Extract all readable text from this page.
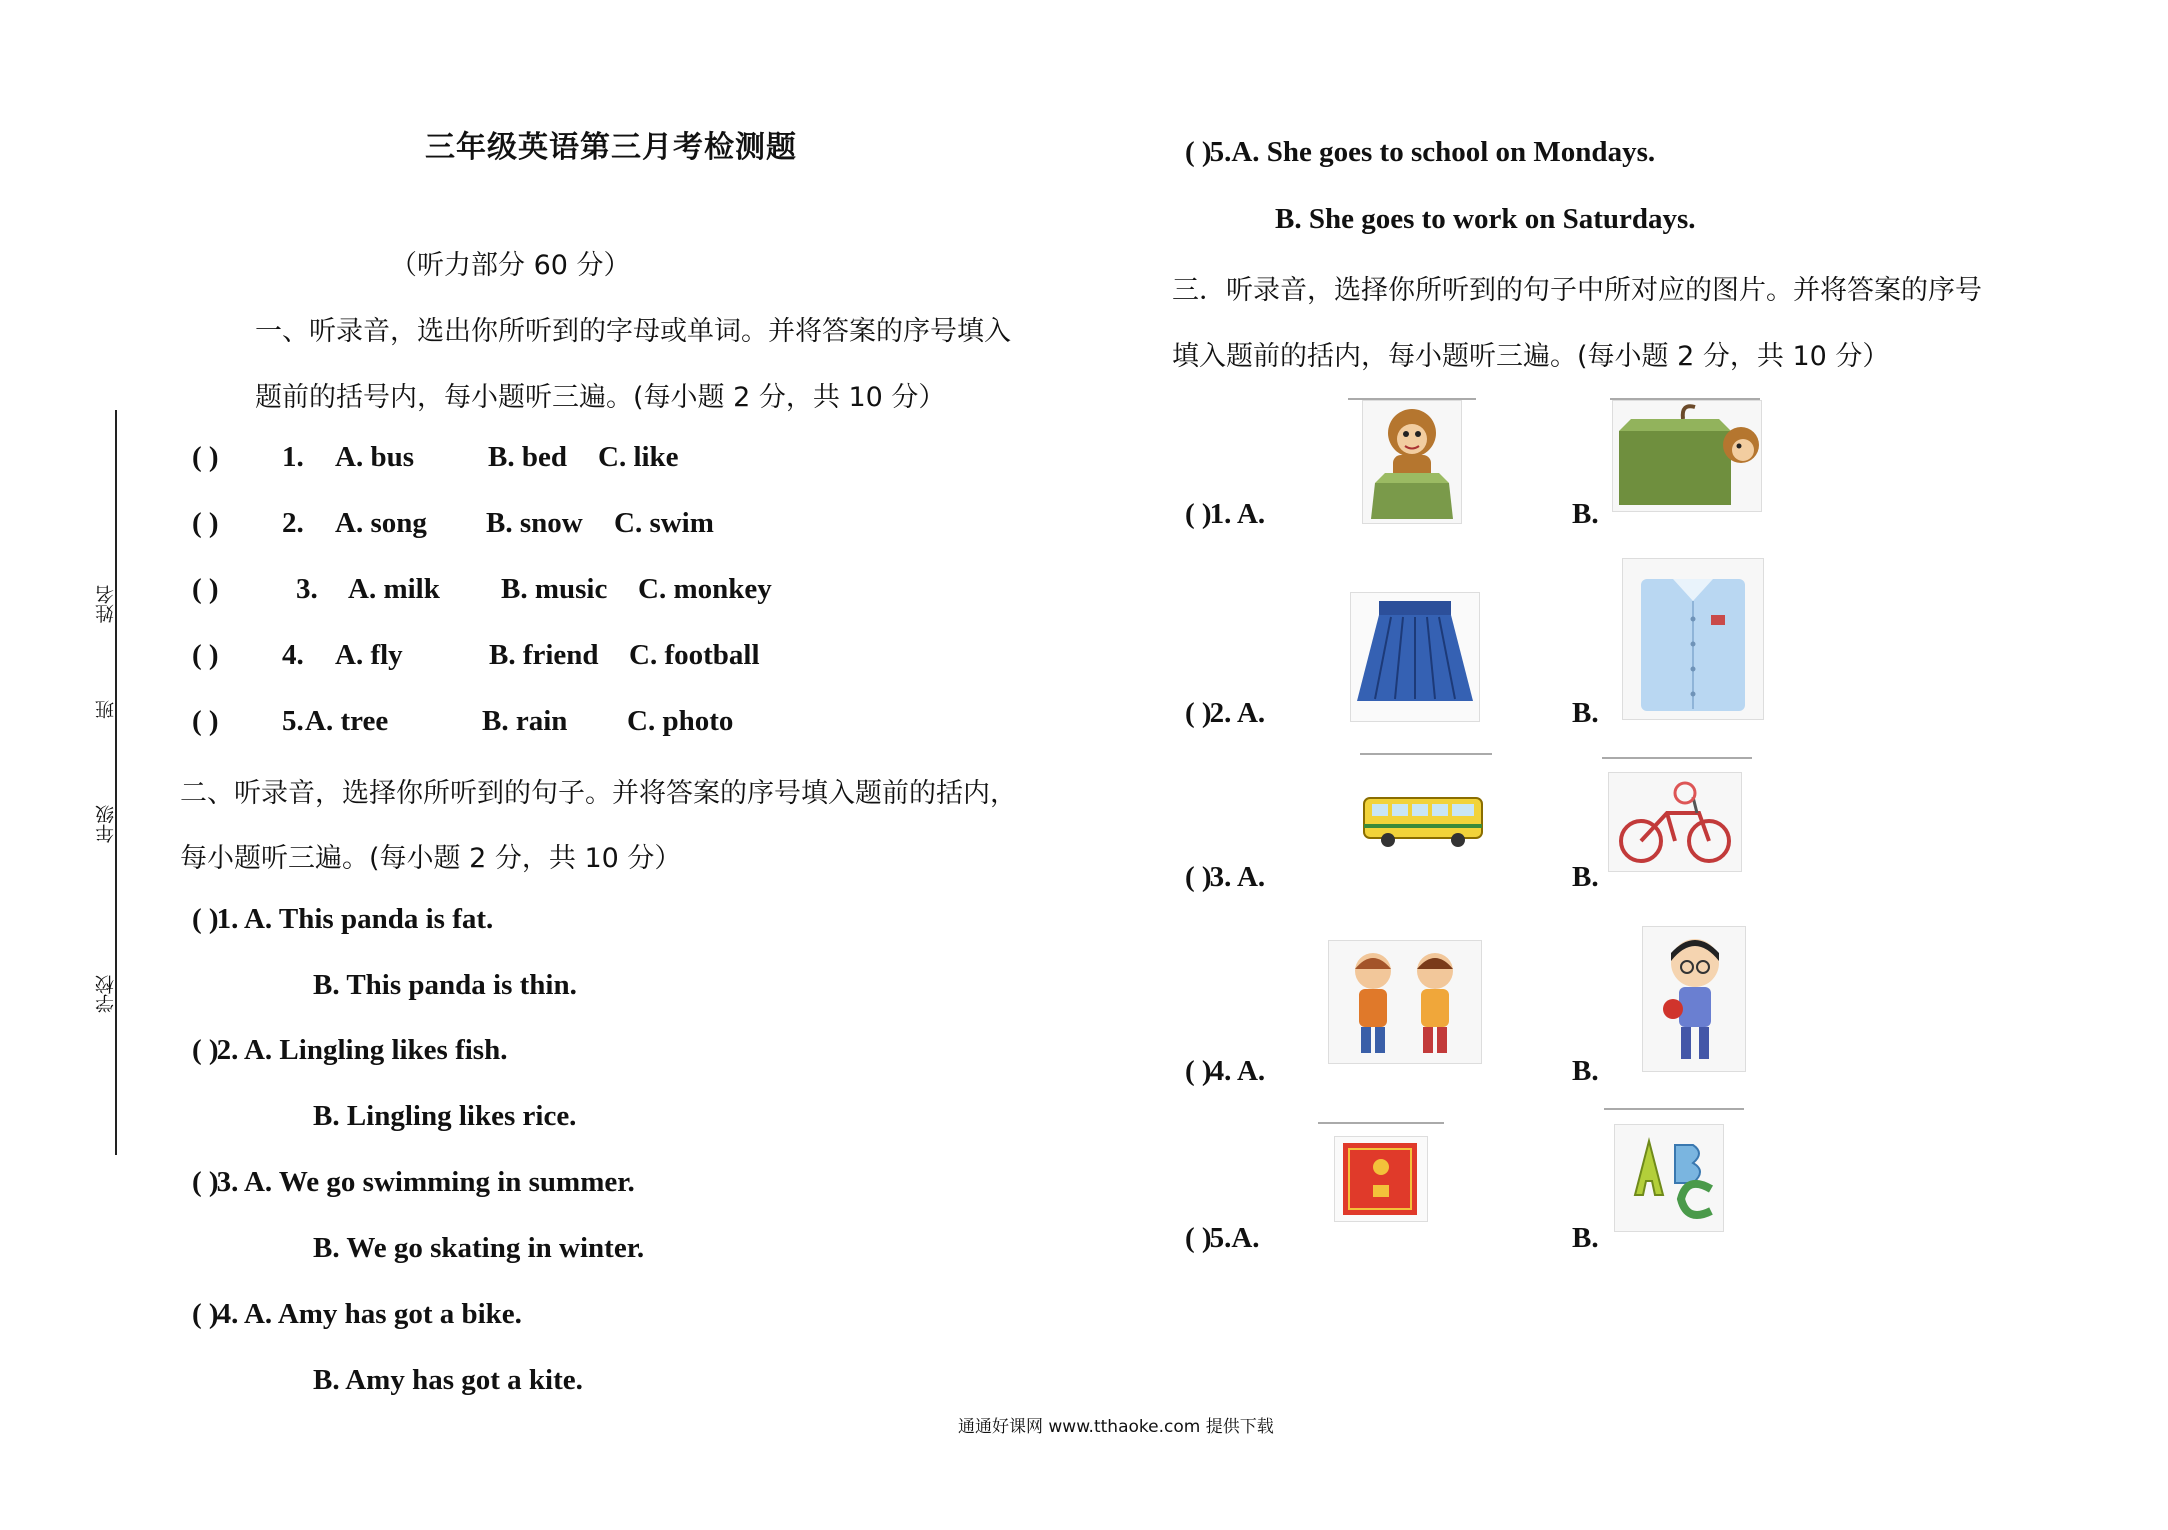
姓名
班
年级
学校
三年级英语第三月考检测题
（听力部分 60 分）
一、听录音，选出你所听到的字母或单词。并将答案的序号填入
题前的括号内，每小题听三遍。(每小题 2 分，共 10 分）
( ) 1. A. bus	B. bed C. like
( ) 2. A. song B. snow C. swim
( )	3. A. milk B. music C. monkey
( ) 4. A. fly	B. friend C. football
( ) 5. A. tree	B. rain C. photo
二、听录音，选择你所听到的句子。并将答案的序号填入题前的括内，
每小题听三遍。(每小题 2 分，共 10 分）
( )1. A. This panda is fat.
B. This panda is thin.
( )2. A. Lingling likes fish.
B. Lingling likes rice.
( )3. A. We go swimming in summer.
B. We go skating in winter.
( )4. A. Amy has got a bike.
B. Amy has got a kite.
( )5.A. She goes to school on Mondays.
B. She goes to work on Saturdays.
三．听录音，选择你所听到的句子中所对应的图片。并将答案的序号
填入题前的括内，每小题听三遍。(每小题 2 分，共 10 分）
( )1. A.	B.
( )2. A.	B.
( )3. A.	B.
( )4. A.	B.
( )5.A.	B.
通通好课网 www.tthaoke.com 提供下载
